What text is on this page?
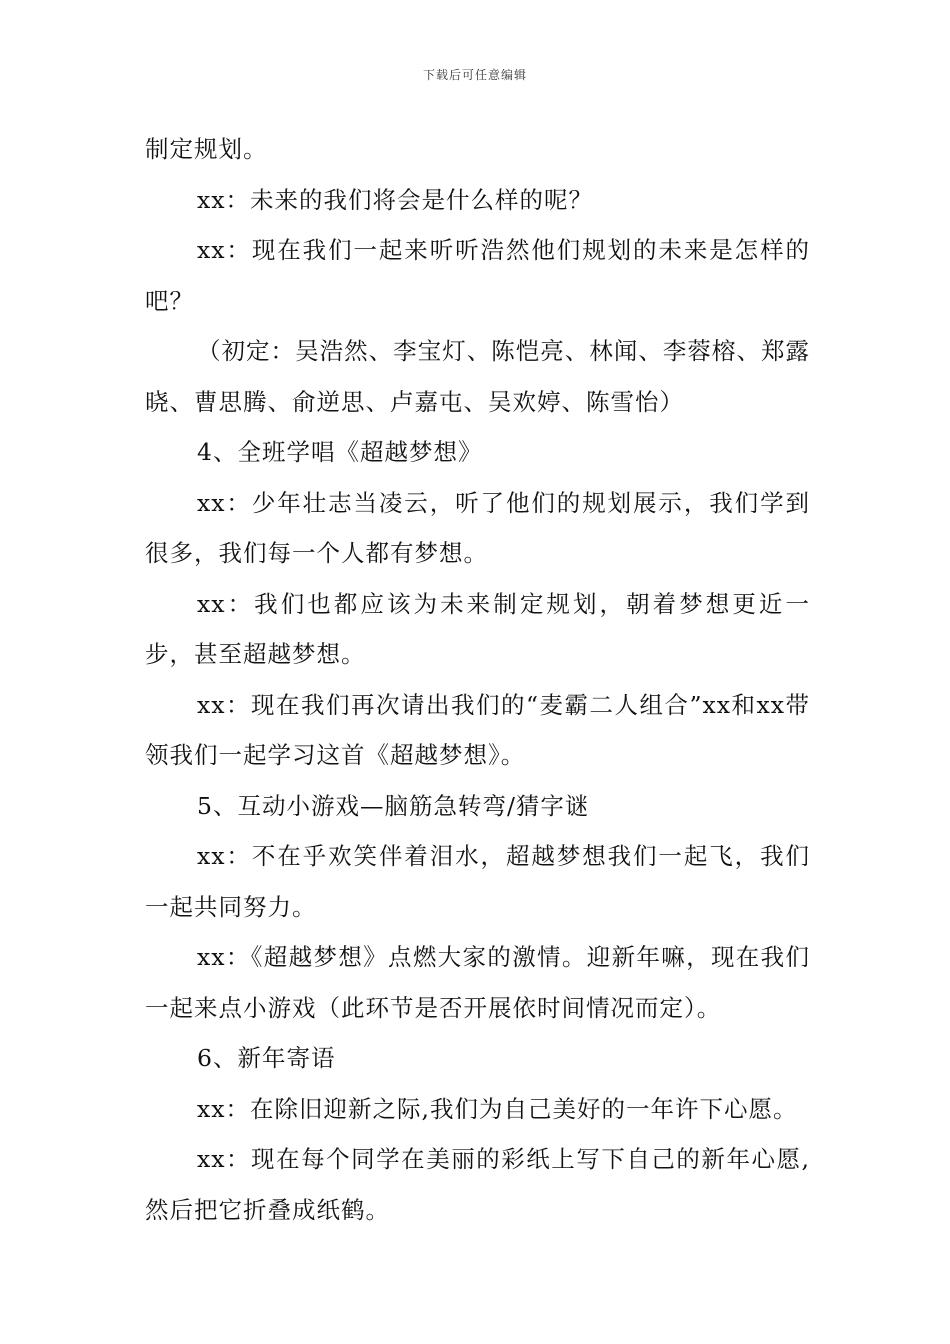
下载后可任意编辑

制定规划。

xx：未来的我们将会是什么样的呢？

xx：现在我们一起来听听浩然他们规划的未来是怎样的吧？

（初定：吴浩然、李宝灯、陈恺亮、林闻、李蓉榕、郑露晓、曹思腾、俞逆思、卢嘉屯、吴欢婷、陈雪怡）

4、全班学唱《超越梦想》

xx：少年壮志当凌云，听了他们的规划展示，我们学到很多，我们每一个人都有梦想。

xx：我们也都应该为未来制定规划，朝着梦想更近一步，甚至超越梦想。

xx：现在我们再次请出我们的“麦霸二人组合”xx和xx带领我们一起学习这首《超越梦想》。

5、互动小游戏—脑筋急转弯/猜字谜

xx：不在乎欢笑伴着泪水，超越梦想我们一起飞，我们一起共同努力。

xx：《超越梦想》点燃大家的激情。迎新年嘛，现在我们一起来点小游戏（此环节是否开展依时间情况而定）。

6、新年寄语

xx：在除旧迎新之际,我们为自己美好的一年许下心愿。

xx：现在每个同学在美丽的彩纸上写下自己的新年心愿,然后把它折叠成纸鹤。
